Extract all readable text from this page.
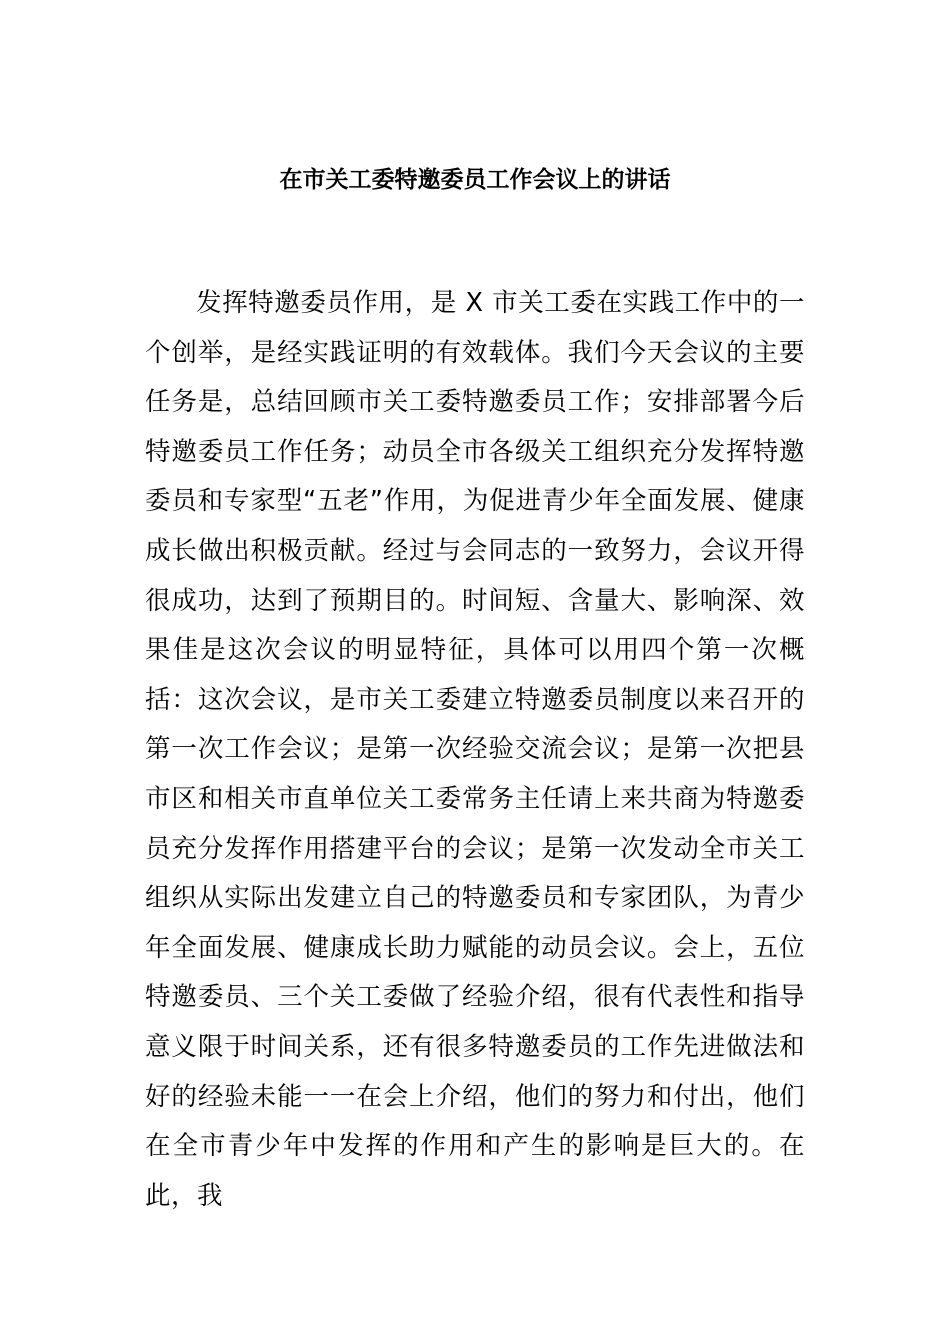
在市关工委特邀委员工作会议上的讲话

发挥特邀委员作用，是 X 市关工委在实践工作中的一个创举，是经实践证明的有效载体。我们今天会议的主要任务是，总结回顾市关工委特邀委员工作；安排部署今后特邀委员工作任务；动员全市各级关工组织充分发挥特邀委员和专家型“五老”作用，为促进青少年全面发展、健康成长做出积极贡献。经过与会同志的一致努力，会议开得很成功，达到了预期目的。时间短、含量大、影响深、效果佳是这次会议的明显特征，具体可以用四个第一次概括：这次会议，是市关工委建立特邀委员制度以来召开的第一次工作会议；是第一次经验交流会议；是第一次把县市区和相关市直单位关工委常务主任请上来共商为特邀委员充分发挥作用搭建平台的会议；是第一次发动全市关工组织从实际出发建立自己的特邀委员和专家团队，为青少年全面发展、健康成长助力赋能的动员会议。会上，五位特邀委员、三个关工委做了经验介绍，很有代表性和指导意义限于时间关系，还有很多特邀委员的工作先进做法和好的经验未能一一在会上介绍，他们的努力和付出，他们在全市青少年中发挥的作用和产生的影响是巨大的。在此，我
